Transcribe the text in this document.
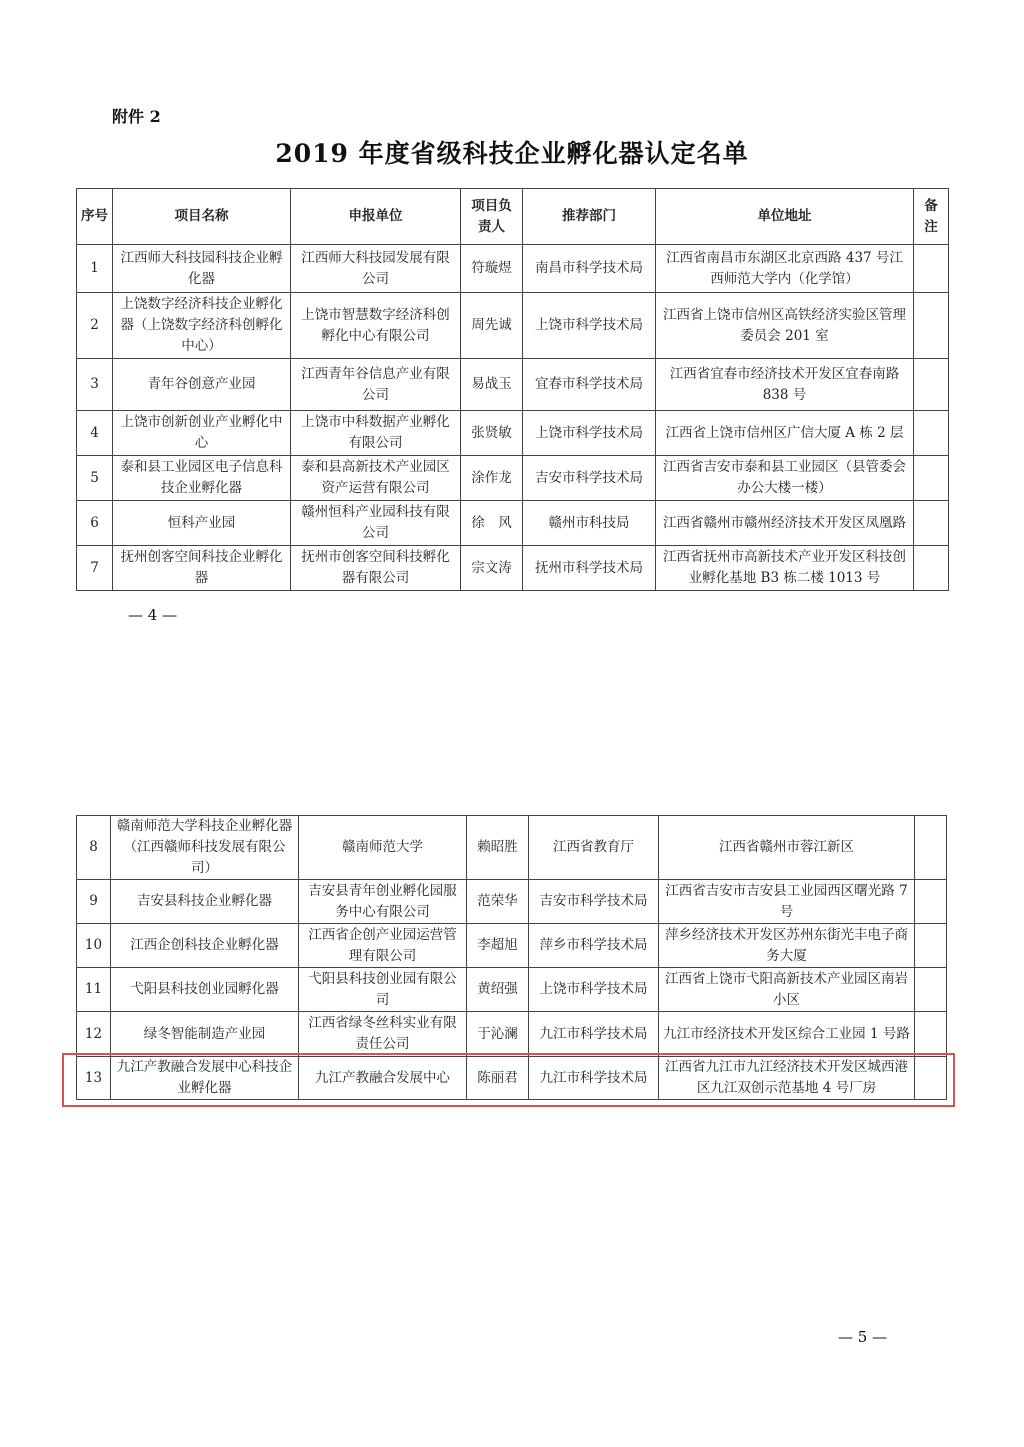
附件 2
2019 年度省级科技企业孵化器认定名单
序号	项目名称	申报单位	项目负责人	推荐部门	单位地址	备注
1	江西师大科技园科技企业孵化器	江西师大科技园发展有限公司	符璇煜	南昌市科学技术局	江西省南昌市东湖区北京西路 437 号江西师范大学内（化学馆）	
2	上饶数字经济科技企业孵化器（上饶数字经济科创孵化中心）	上饶市智慧数字经济科创孵化中心有限公司	周先诚	上饶市科学技术局	江西省上饶市信州区高铁经济实验区管理委员会 201 室	
3	青年谷创意产业园	江西青年谷信息产业有限公司	易战玉	宜春市科学技术局	江西省宜春市经济技术开发区宜春南路 838 号	
4	上饶市创新创业产业孵化中心	上饶市中科数据产业孵化有限公司	张贤敏	上饶市科学技术局	江西省上饶市信州区广信大厦 A 栋 2 层	
5	泰和县工业园区电子信息科技企业孵化器	泰和县高新技术产业园区资产运营有限公司	涂作龙	吉安市科学技术局	江西省吉安市泰和县工业园区（县管委会办公大楼一楼）	
6	恒科产业园	赣州恒科产业园科技有限公司	徐　风	赣州市科技局	江西省赣州市赣州经济技术开发区凤凰路	
7	抚州创客空间科技企业孵化器	抚州市创客空间科技孵化器有限公司	宗文涛	抚州市科学技术局	江西省抚州市高新技术产业开发区科技创业孵化基地 B3 栋二楼 1013 号	
— 4 —
8	赣南师范大学科技企业孵化器（江西赣师科技发展有限公司）	赣南师范大学	赖昭胜	江西省教育厅	江西省赣州市蓉江新区	
9	吉安县科技企业孵化器	吉安县青年创业孵化园服务中心有限公司	范荣华	吉安市科学技术局	江西省吉安市吉安县工业园西区曙光路 7 号	
10	江西企创科技企业孵化器	江西省企创产业园运营管理有限公司	李超旭	萍乡市科学技术局	萍乡经济技术开发区苏州东街光丰电子商务大厦	
11	弋阳县科技创业园孵化器	弋阳县科技创业园有限公司	黄绍强	上饶市科学技术局	江西省上饶市弋阳高新技术产业园区南岩小区	
12	绿冬智能制造产业园	江西省绿冬丝科实业有限责任公司	于沁澜	九江市科学技术局	九江市经济技术开发区综合工业园 1 号路	
13	九江产教融合发展中心科技企业孵化器	九江产教融合发展中心	陈丽君	九江市科学技术局	江西省九江市九江经济技术开发区城西港区九江双创示范基地 4 号厂房	
— 5 —
